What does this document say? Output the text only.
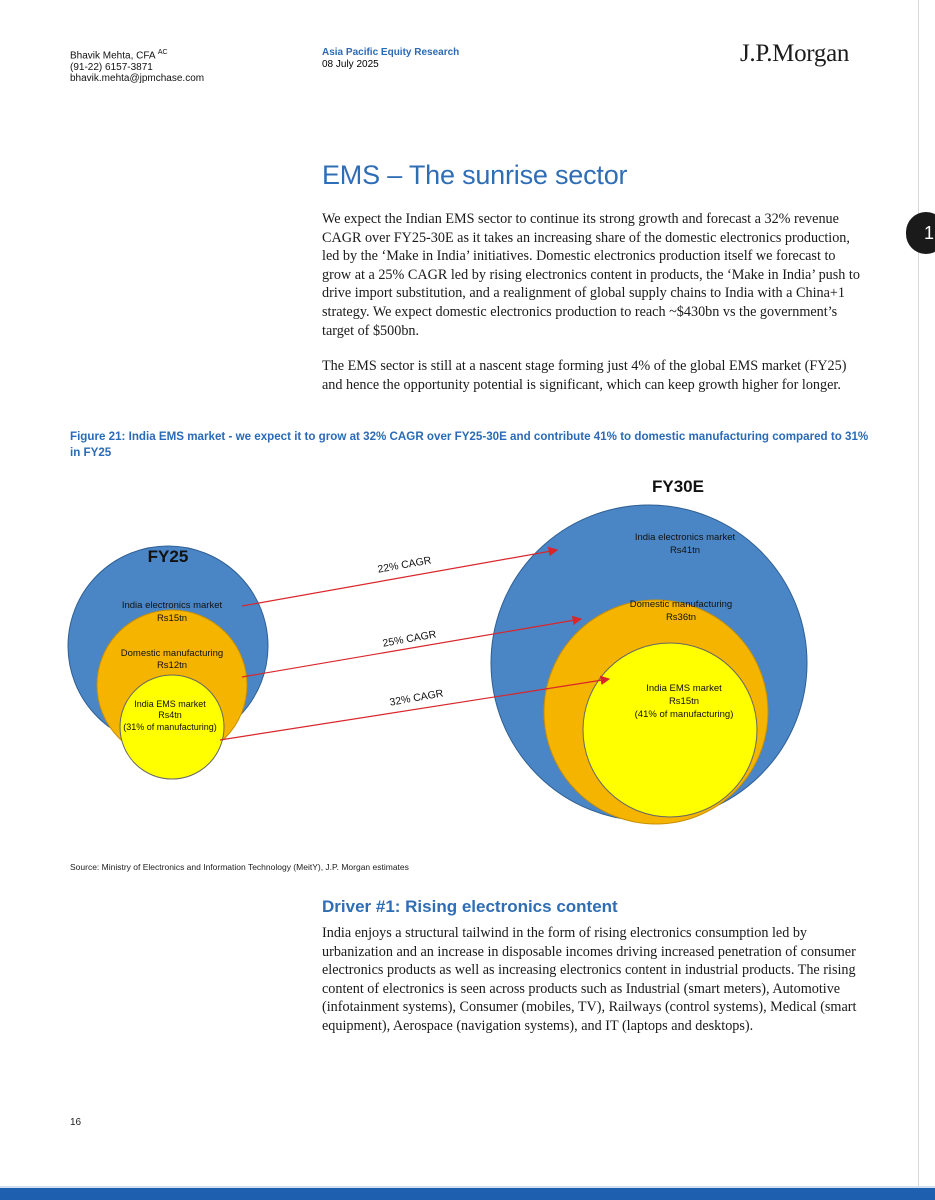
Bhavik Mehta, CFA $^{AC}$
(91-22) 6157-3871
bhavik.mehta@jpmchase.com
Asia Pacific Equity Research
08 July 2025	J.P.Morgan
EMS – The sunrise sector

We expect the Indian EMS sector to continue its strong growth and forecast a 32% revenue CAGR over FY25-30E as it takes an increasing share of the domestic electronics production, led by the ‘Make in India’ initiatives. Domestic electronics production itself we forecast to grow at a 25% CAGR led by rising electronics content in products, the ‘Make in India’ push to drive import substitution, and a realignment of global supply chains to India with a China+1 strategy. We expect domestic electronics production to reach ~$430bn vs the government’s target of $500bn.

The EMS sector is still at a nascent stage forming just 4% of the global EMS market (FY25) and hence the opportunity potential is significant, which can keep growth higher for longer.

Figure 21: India EMS market - we expect it to grow at 32% CAGR over FY25-30E and contribute 41% to domestic manufacturing compared to 31% in FY25

FY25
FY30E
India electronics market
Rs15tn
Domestic manufacturing
Rs12tn
India EMS market
Rs4tn
(31% of manufacturing)
India electronics market
Rs41tn
Domestic manufacturing
Rs36tn
India EMS market
Rs15tn
(41% of manufacturing)
22% CAGR
25% CAGR
32% CAGR
Source: Ministry of Electronics and Information Technology (MeitY), J.P. Morgan estimates
Driver #1: Rising electronics content

India enjoys a structural tailwind in the form of rising electronics consumption led by urbanization and an increase in disposable incomes driving increased penetration of consumer electronics products as well as increasing electronics content in industrial products. The rising content of electronics is seen across products such as Industrial (smart meters), Automotive (infotainment systems), Consumer (mobiles, TV), Railways (control systems), Medical (smart equipment), Aerospace (navigation systems), and IT (laptops and desktops).

16
1
